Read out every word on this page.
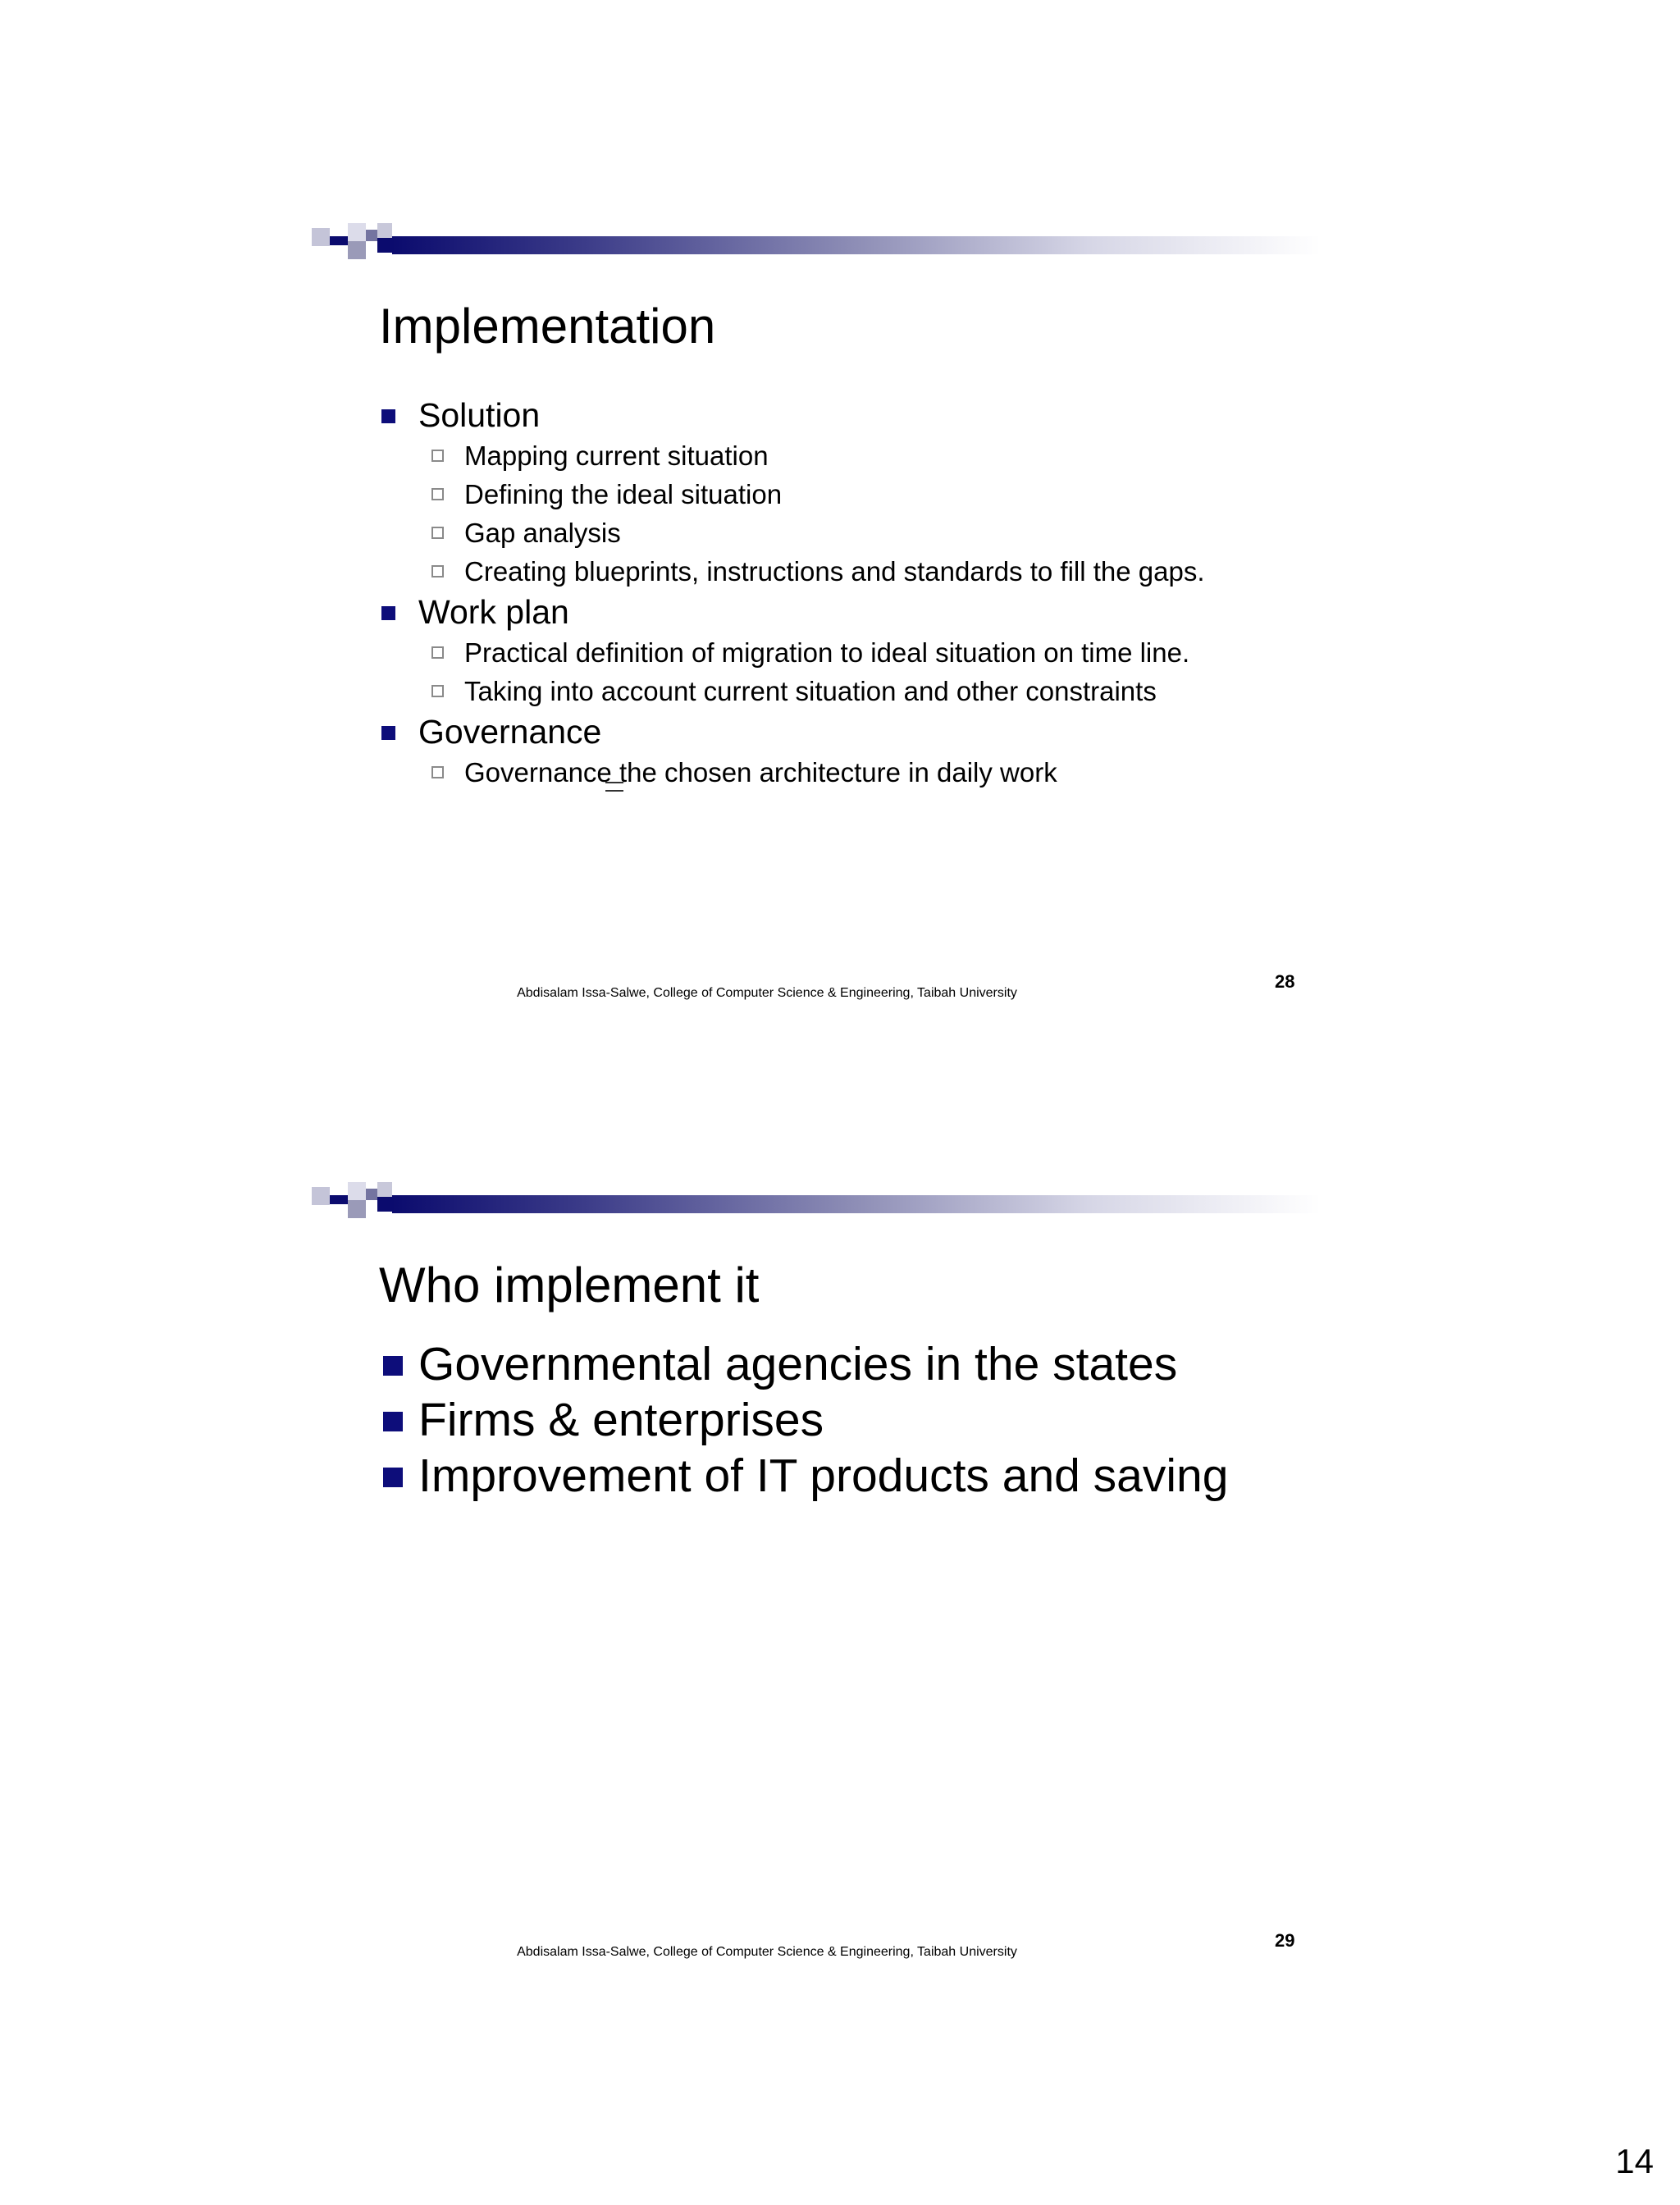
Implementation
Solution
Mapping current situation
Defining the ideal situation
Gap analysis
Creating blueprints, instructions and standards to fill the gaps.
Work plan
Practical definition of migration to ideal situation on time line.
Taking into account current situation and other constraints
Governance
Governance the chosen architecture in daily work
28
Abdisalam Issa-Salwe, College of Computer Science & Engineering, Taibah University
Who implement it
Governmental agencies in the states
Firms & enterprises
Improvement of IT products and saving
29
Abdisalam Issa-Salwe, College of Computer Science & Engineering, Taibah University
14
